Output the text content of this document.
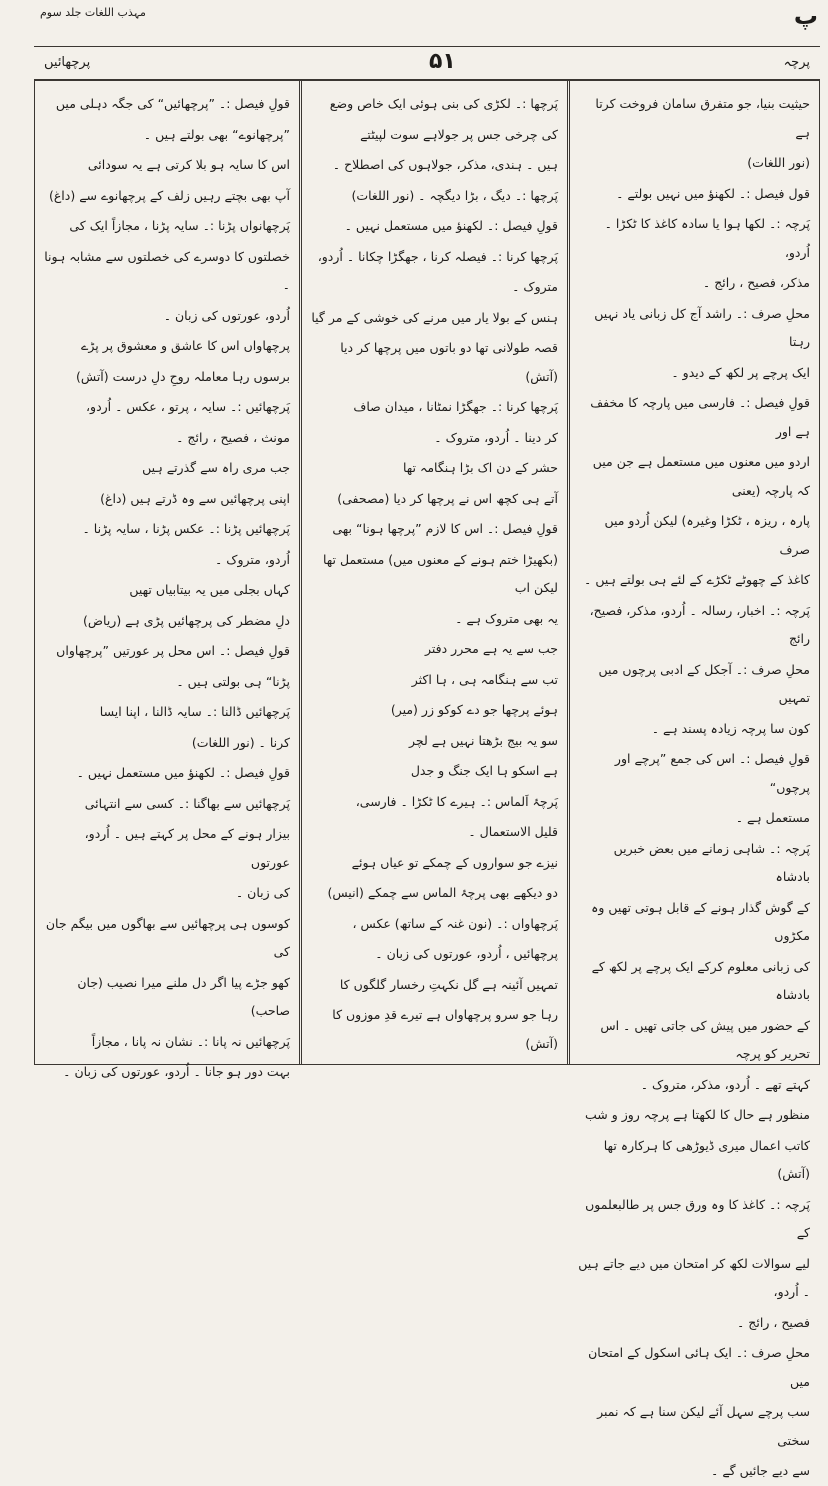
مہذب اللغات جلد سوم	پ
پرچھائیں	۵۱	پرچہ

حیثیت بنیا، جو متفرق سامان فروخت کرتا ہے

(نور اللغات)

قول فیصل :۔ لکھنؤ میں نہیں بولتے ۔

پَرچہ :۔ لکھا ہوا یا سادہ کاغذ کا ٹکڑا ۔ اُردو،

مذکر، فصیح ، رائج ۔

محلِ صرف :۔ راشد آج کل زبانی یاد نہیں رہتا

ایک پرچے پر لکھ کے دیدو ۔

قولِ فیصل :۔ فارسی میں پارچہ کا مخفف ہے اور

اردو میں معنوں میں مستعمل ہے جن میں کہ پارچہ (یعنی

پارہ ، ریزہ ، ٹکڑا وغیرہ) لیکن اُردو میں صرف

کاغذ کے چھوٹے ٹکڑے کے لئے ہی بولتے ہیں ۔

پَرچہ :۔ اخبار، رسالہ ۔ اُردو، مذکر، فصیح، رائج

محلِ صرف :۔ آجکل کے ادبی پرچوں میں تمہیں

کون سا پرچہ زیادہ پسند ہے ۔

قولِ فیصل :۔ اس کی جمع ”پرچے اور پرچوں“

مستعمل ہے ۔

پَرچہ :۔ شاہی زمانے میں بعض خبریں بادشاہ

کے گوش گذار ہونے کے قابل ہوتی تھیں وہ مکڑوں

کی زبانی معلوم کرکے ایک پرچے پر لکھ کے بادشاہ

کے حضور میں پیش کی جاتی تھیں ۔ اس تحریر کو پرچہ

کہتے تھے ۔ اُردو، مذکر، متروک ۔

منظور ہے حال کا لکھتا ہے پرچہ روز و شب

کاتب اعمال میری ڈیوڑھی کا ہرکارہ تھا (آتش)

پَرچہ :۔ کاغذ کا وہ ورق جس پر طالبعلموں کے

لیے سوالات لکھ کر امتحان میں دیے جاتے ہیں ۔ اُردو،

فصیح ، رائج ۔

محلِ صرف :۔ ایک ہائی اسکول کے امتحان میں

سب پرچے سہل آئے لیکن سنا ہے کہ نمبر سختی

سے دیے جائیں گے ۔

پَرچھا :۔ لکڑی کی بنی ہوئی ایک خاص وضع

کی چرخی جس پر جولاہے سوت لپیٹتے

ہیں ۔ ہندی، مذکر، جولاہوں کی اصطلاح ۔

پَرچھا :۔ دیگ ، بڑا دیگچہ ۔ (نور اللغات)

قولِ فیصل :۔ لکھنؤ میں مستعمل نہیں ۔

پَرچھا کرنا :۔ فیصلہ کرنا ، جھگڑا چکانا ۔ اُردو،

متروک ۔

ہنس کے بولا یار میں مرنے کی خوشی کے مر گیا

قصہ طولانی تھا دو باتوں میں پرچھا کر دیا (آتش)

پَرچھا کرنا :۔ جھگڑا نمٹانا ، میدان صاف

کر دینا ۔ اُردو، متروک ۔

حشر کے دن اک بڑا ہنگامہ تھا

آتے ہی کچھ اس نے پرچھا کر دیا (مصحفی)

قولِ فیصل :۔ اس کا لازم ”پرچھا ہونا“ بھی

(بکھیڑا ختم ہونے کے معنوں میں) مستعمل تھا لیکن اب

یہ بھی متروک ہے ۔

جب سے یہ ہے محرر دفتر

تب سے ہنگامہ ہی ، ہا اکثر

ہوئے پرچھا جو دے کوکو زر (میر)

سو یہ بیج بڑھتا نہیں ہے لچر

ہے اسکو ہا ایک جنگ و جدل

پَرچۂ اَلماس :۔ ہیرے کا ٹکڑا ۔ فارسی،

قلیل الاستعمال ۔

نیزے جو سواروں کے چمکے تو عیاں ہوئے

دو دیکھے بھی پرچۂ الماس سے چمکے (انیس)

پَرچھاواں :۔ (نون غنہ کے ساتھ) عکس ،

پرچھائیں ، اُردو، عورتوں کی زبان ۔

تمہیں آئینہ ہے گل نکہتِ رخسار گلگوں کا

رہا جو سرو پرچھاواں ہے تیرے قدِ موزوں کا (آتش)

قولِ فیصل :۔ ”پرچھائیں“ کی جگہ دہلی میں

”پرچھانوے“ بھی بولتے ہیں ۔

اس کا سایہ ہو بلا کرتی ہے یہ سودائی

آپ بھی بچتے رہیں زلف کے پرچھانوے سے (داغ)

پَرچھانواں پڑنا :۔ سایہ پڑنا ، مجازاً ایک کی

خصلتوں کا دوسرے کی خصلتوں سے مشابہ ہونا ۔

اُردو، عورتوں کی زبان ۔

پرچھاواں اس کا عاشق و معشوق پر پڑے

برسوں رہا معاملہ روحِ دلِ درست (آتش)

پَرچھائیں :۔ سایہ ، پرتو ، عکس ۔ اُردو،

مونث ، فصیح ، رائج ۔

جب مری راہ سے گذرتے ہیں

اپنی پرچھائیں سے وہ ڈرتے ہیں (داغ)

پَرچھائیں پڑنا :۔ عکس پڑنا ، سایہ پڑنا ۔

اُردو، متروک ۔

کہاں بجلی میں یہ بیتابیاں تھیں

دلِ مضطر کی پرچھائیں پڑی ہے (ریاض)

قولِ فیصل :۔ اس محل پر عورتیں ”پرچھاواں

پڑنا“ ہی بولتی ہیں ۔

پَرچھائیں ڈالنا :۔ سایہ ڈالنا ، اپنا ایسا

کرنا ۔ (نور اللغات)

قولِ فیصل :۔ لکھنؤ میں مستعمل نہیں ۔

پَرچھائیں سے بھاگنا :۔ کسی سے انتہائی

بیزار ہونے کے محل پر کہتے ہیں ۔ اُردو، عورتوں

کی زبان ۔

کوسوں ہی پرچھائیں سے بھاگوں میں بیگم جان کی

کھو جڑے پیا اگر دل ملنے میرا نصیب (جان صاحب)

پَرچھائیں نہ پانا :۔ نشان نہ پانا ، مجازاً

بہت دور ہو جانا ۔ اُردو، عورتوں کی زبان ۔
